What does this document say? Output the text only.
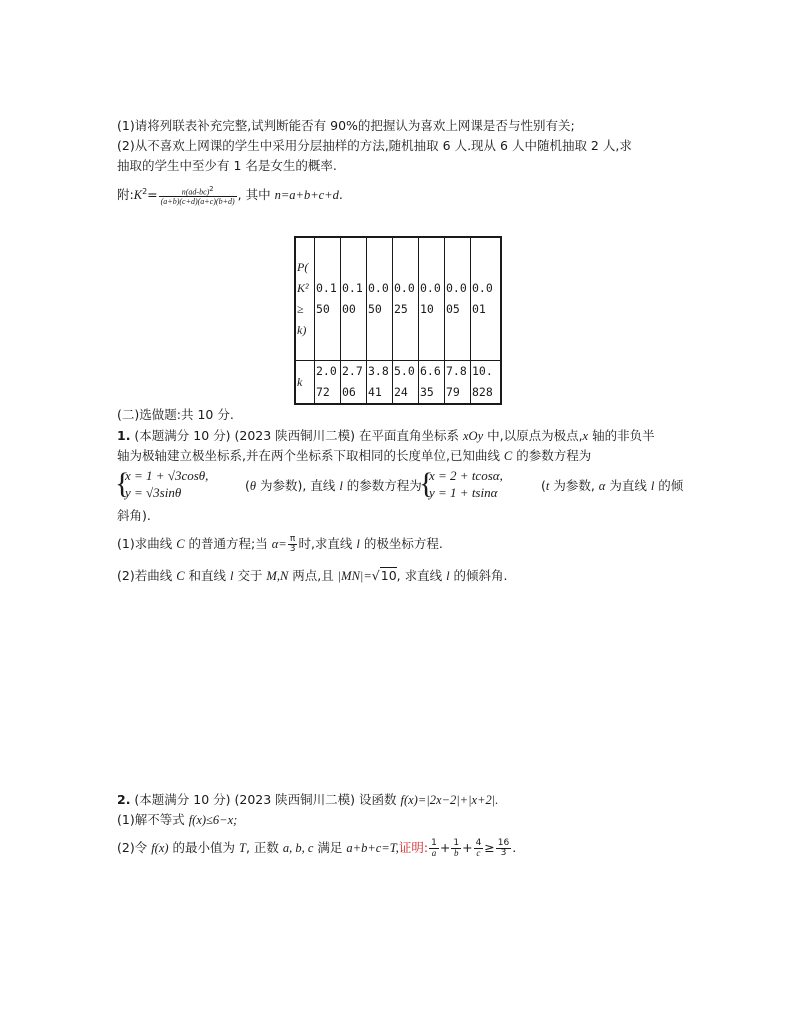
(1)请将列联表补充完整,试判断能否有 90%的把握认为喜欢上网课是否与性别有关;
(2)从不喜欢上网课的学生中采用分层抽样的方法,随机抽取 6 人.现从 6 人中随机抽取 2 人,求
抽取的学生中至少有 1 名是女生的概率.
附$:K^2= \frac{n(ad-bc)^2}{(a+b)(c+d)(a+c)(b+d)}$ , 其中 n=a+b+c+d.
P(
K²
≥
k)	0.150	0.100	0.050	0.025	0.010	0.005	0.001
k	2.072	2.706	3.841	5.024	6.635	7.879	10.828
(二)选做题:共 10 分.
1. (本题满分 10 分) (2023 陕西铜川二模) 在平面直角坐标系 xOy 中,以原点为极点,x 轴的非负半
轴为极轴建立极坐标系,并在两个坐标系下取相同的长度单位,已知曲线 C 的参数方程为
{
x = 1 + √3cosθ,
y = √3sinθ	(θ 为参数), 直线 l 的参数方程为
{
x = 2 + tcosα,
y = 1 + tsinα	(t 为参数, α 为直线 l 的倾
斜角).
(1)求曲线 C 的普通方程;当 $\alpha= \frac{\pi}{3}$ 时,求直线 l 的极坐标方程.
(2)若曲线 C 和直线 l 交于 M,N 两点,且 |MN|=√10, 求直线 l 的倾斜角.
2. (本题满分 10 分) (2023 陕西铜川二模) 设函数 f(x)=|2x−2|+|x+2|.
(1)解不等式 f(x)≤6−x;
(2)令 f(x) 的最小值为 T, 正数 a, b, c 满足 a+b+c=T,证明: $\frac{1}{a} + \frac{1}{b} + \frac{4}{c} \ge \frac{16}{3}$ .
